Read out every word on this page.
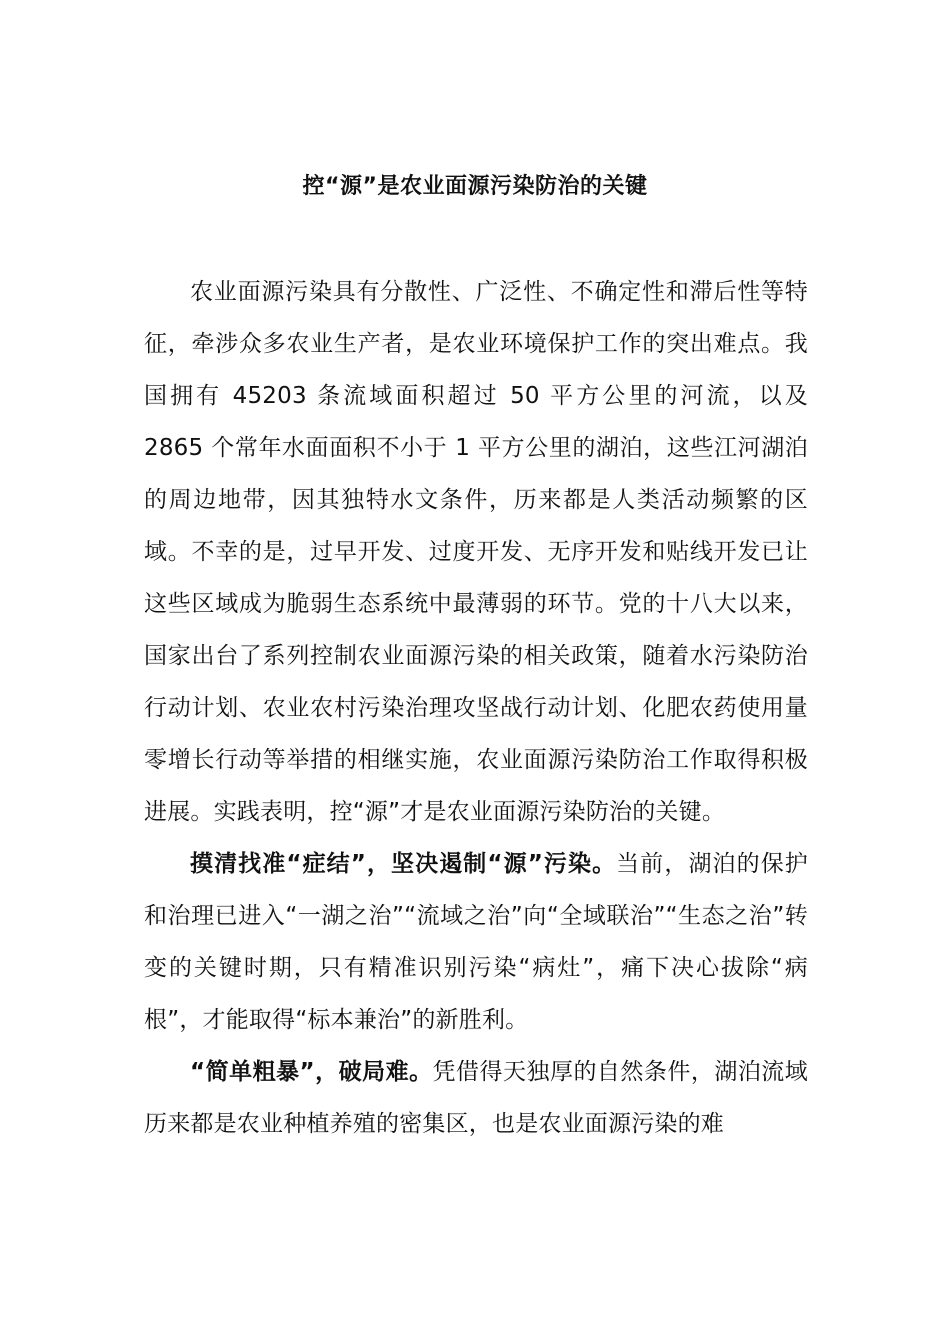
控“源”是农业面源污染防治的关键

农业面源污染具有分散性、广泛性、不确定性和滞后性等特征，牵涉众多农业生产者，是农业环境保护工作的突出难点。我国拥有 45203 条流域面积超过 50 平方公里的河流，以及 2865 个常年水面面积不小于 1 平方公里的湖泊，这些江河湖泊的周边地带，因其独特水文条件，历来都是人类活动频繁的区域。不幸的是，过早开发、过度开发、无序开发和贴线开发已让这些区域成为脆弱生态系统中最薄弱的环节。党的十八大以来，国家出台了系列控制农业面源污染的相关政策，随着水污染防治行动计划、农业农村污染治理攻坚战行动计划、化肥农药使用量零增长行动等举措的相继实施，农业面源污染防治工作取得积极进展。实践表明，控“源”才是农业面源污染防治的关键。

摸清找准“症结”，坚决遏制“源”污染。当前，湖泊的保护和治理已进入“一湖之治”“流域之治”向“全域联治”“生态之治”转变的关键时期，只有精准识别污染“病灶”，痛下决心拔除“病根”，才能取得“标本兼治”的新胜利。

“简单粗暴”，破局难。凭借得天独厚的自然条件，湖泊流域历来都是农业种植养殖的密集区，也是农业面源污染的难
